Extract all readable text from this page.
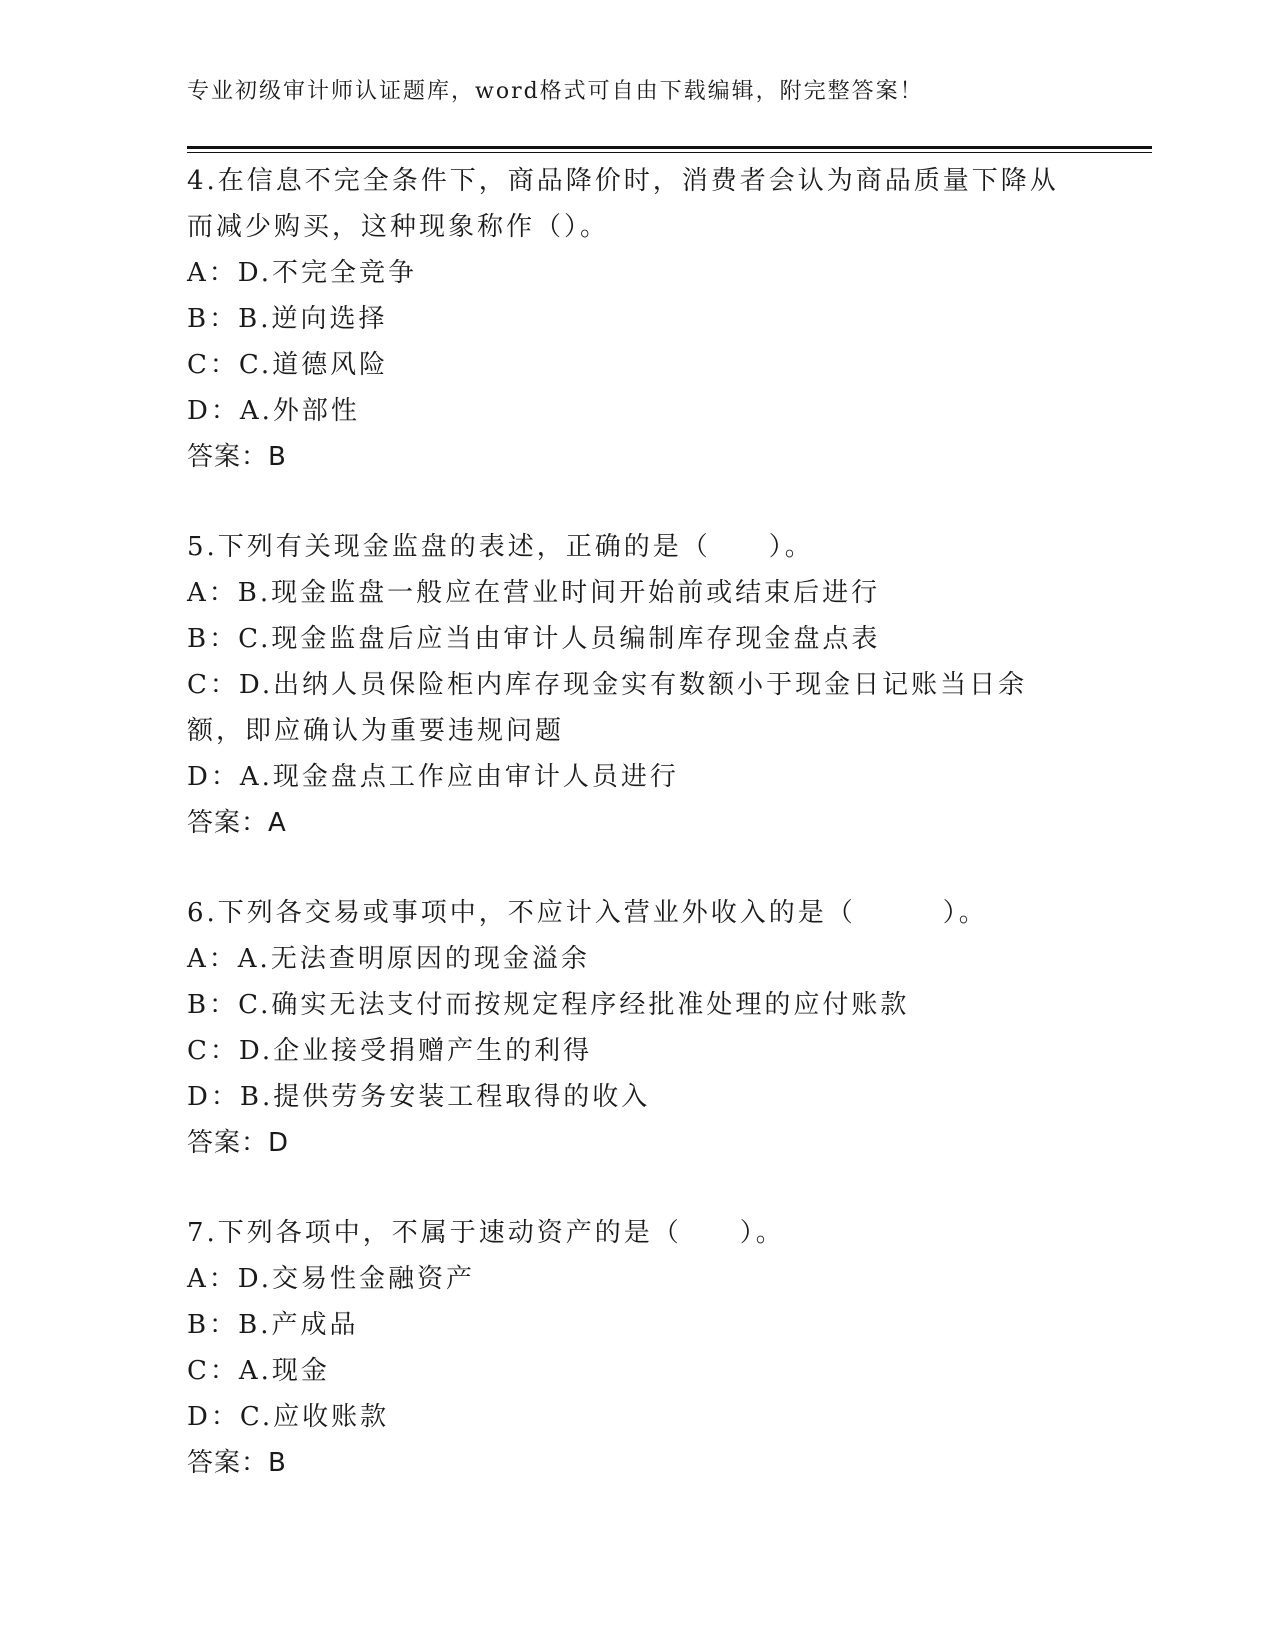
专业初级审计师认证题库，word格式可自由下载编辑，附完整答案！
4.在信息不完全条件下，商品降价时，消费者会认为商品质量下降从而减少购买，这种现象称作（）。
A：D.不完全竞争
B：B.逆向选择
C：C.道德风险
D：A.外部性
答案：B
5.下列有关现金监盘的表述，正确的是（　　）。
A：B.现金监盘一般应在营业时间开始前或结束后进行
B：C.现金监盘后应当由审计人员编制库存现金盘点表
C：D.出纳人员保险柜内库存现金实有数额小于现金日记账当日余额，即应确认为重要违规问题
D：A.现金盘点工作应由审计人员进行
答案：A
6.下列各交易或事项中，不应计入营业外收入的是（　　　）。
A：A.无法查明原因的现金溢余
B：C.确实无法支付而按规定程序经批准处理的应付账款
C：D.企业接受捐赠产生的利得
D：B.提供劳务安装工程取得的收入
答案：D
7.下列各项中，不属于速动资产的是（　　）。
A：D.交易性金融资产
B：B.产成品
C：A.现金
D：C.应收账款
答案：B
